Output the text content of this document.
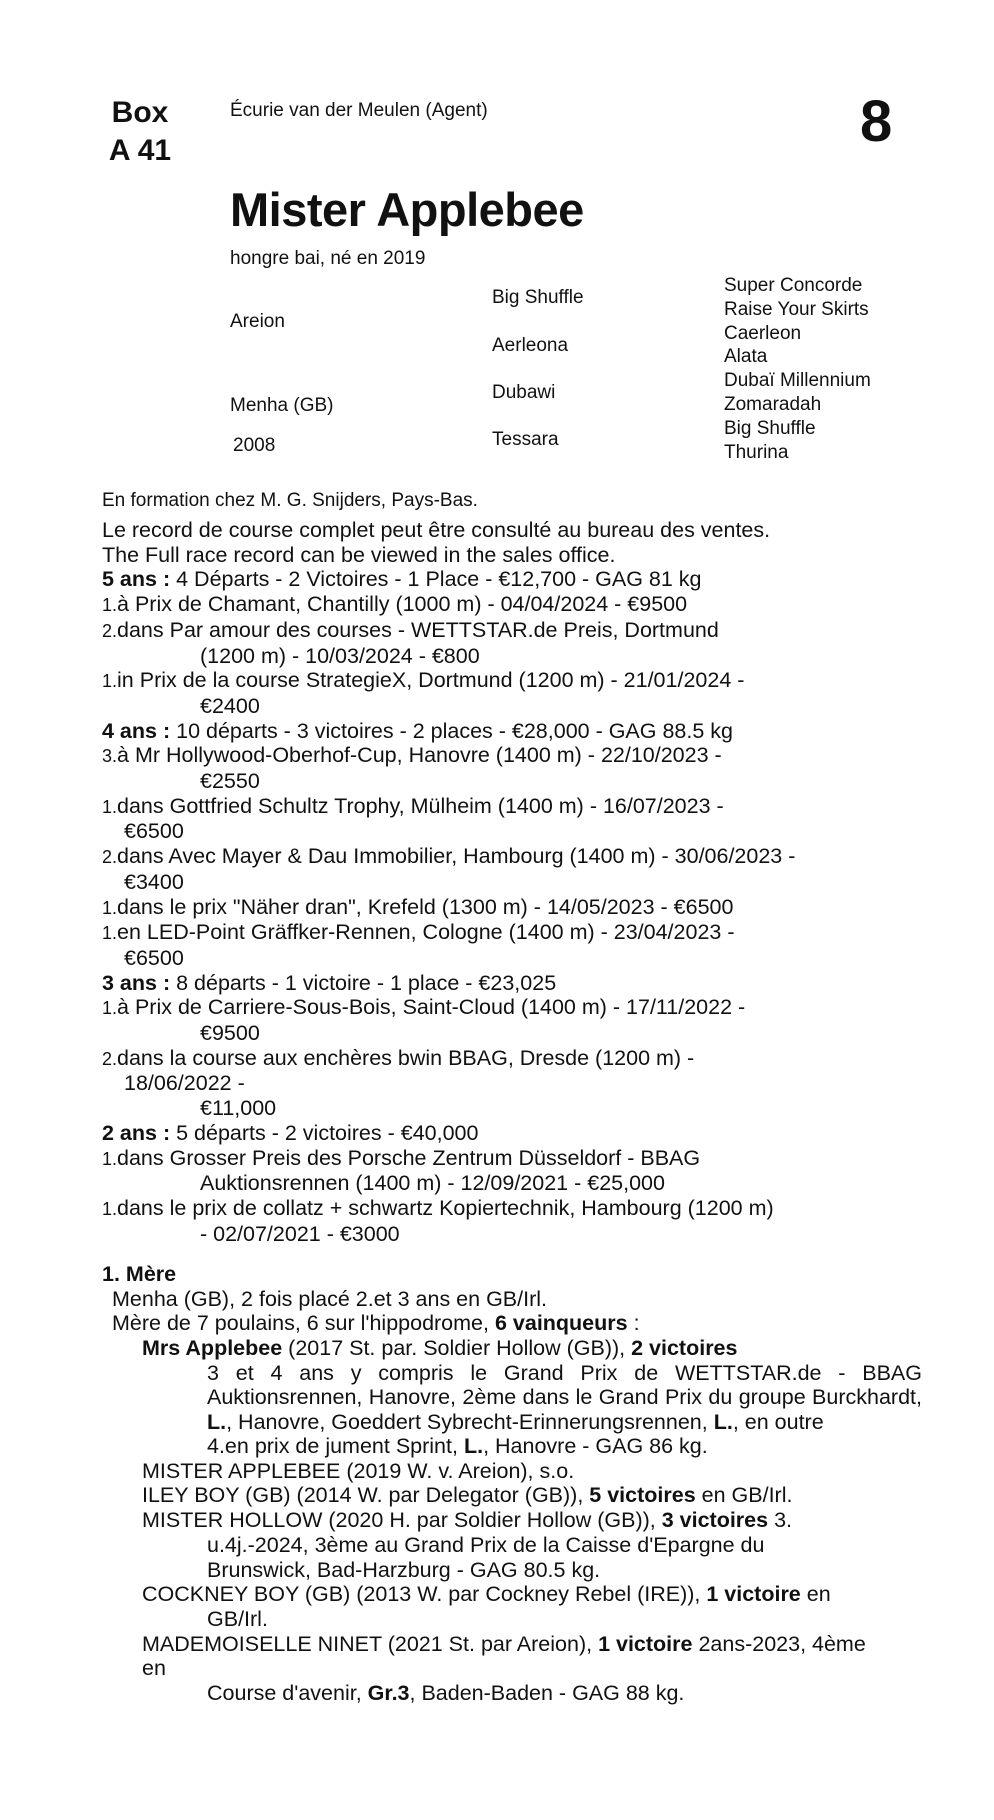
Box
A 41
Écurie van der Meulen (Agent)	8
Mister Applebee
hongre bai, né en 2019
Areion
Menha (GB)
2008
Big Shuffle
Aerleona
Dubawi
Tessara
Super Concorde
Raise Your Skirts Caerleon
Alata
Dubaï Millennium
Zomaradah
Big Shuffle
Thurina
En formation chez M. G. Snijders, Pays-Bas.
Le record de course complet peut être consulté au bureau des ventes.
The Full race record can be viewed in the sales office.
5 ans : 4 Départs - 2 Victoires - 1 Place - €12,700 - GAG 81 kg
1.à Prix de Chamant, Chantilly (1000 m) - 04/04/2024 - €9500
2.dans Par amour des courses - WETTSTAR.de Preis, Dortmund
(1200 m) - 10/03/2024 - €800
1.in Prix de la course StrategieX, Dortmund (1200 m) - 21/01/2024 -
€2400
4 ans : 10 départs - 3 victoires - 2 places - €28,000 - GAG 88.5 kg
3.à Mr Hollywood-Oberhof-Cup, Hanovre (1400 m) - 22/10/2023 -
€2550
1.dans Gottfried Schultz Trophy, Mülheim (1400 m) - 16/07/2023 -
€6500
2.dans Avec Mayer & Dau Immobilier, Hambourg (1400 m) - 30/06/2023 -
€3400
1.dans le prix "Näher dran", Krefeld (1300 m) - 14/05/2023 - €6500
1.en LED-Point Gräffker-Rennen, Cologne (1400 m) - 23/04/2023 -
€6500
3 ans : 8 départs - 1 victoire - 1 place - €23,025
1.à Prix de Carriere-Sous-Bois, Saint-Cloud (1400 m) - 17/11/2022 -
€9500
2.dans la course aux enchères bwin BBAG, Dresde (1200 m) -
18/06/2022 -
€11,000
2 ans : 5 départs - 2 victoires - €40,000
1.dans Grosser Preis des Porsche Zentrum Düsseldorf - BBAG
Auktionsrennen (1400 m) - 12/09/2021 - €25,000
1.dans le prix de collatz + schwartz Kopiertechnik, Hambourg (1200 m)
- 02/07/2021 - €3000
1. Mère
Menha (GB), 2 fois placé 2.et 3 ans en GB/Irl.
Mère de 7 poulains, 6 sur l'hippodrome, 6 vainqueurs :
Mrs Applebee (2017 St. par. Soldier Hollow (GB)), 2 victoires
3 et 4 ans y compris le Grand Prix de WETTSTAR.de - BBAG Auktionsrennen, Hanovre, 2ème dans le Grand Prix du groupe Burckhardt, L., Hanovre, Goeddert Sybrecht-Erinnerungsrennen, L., en outre
4.en prix de jument Sprint, L., Hanovre - GAG 86 kg.
MISTER APPLEBEE (2019 W. v. Areion), s.o.
ILEY BOY (GB) (2014 W. par Delegator (GB)), 5 victoires en GB/Irl. MISTER HOLLOW (2020 H. par Soldier Hollow (GB)), 3 victoires 3.
u.4j.-2024, 3ème au Grand Prix de la Caisse d'Epargne du Brunswick, Bad-Harzburg - GAG 80.5 kg.
COCKNEY BOY (GB) (2013 W. par Cockney Rebel (IRE)), 1 victoire en
GB/Irl.
MADEMOISELLE NINET (2021 St. par Areion), 1 victoire 2ans-2023, 4ème en
Course d'avenir, Gr.3, Baden-Baden - GAG 88 kg.
